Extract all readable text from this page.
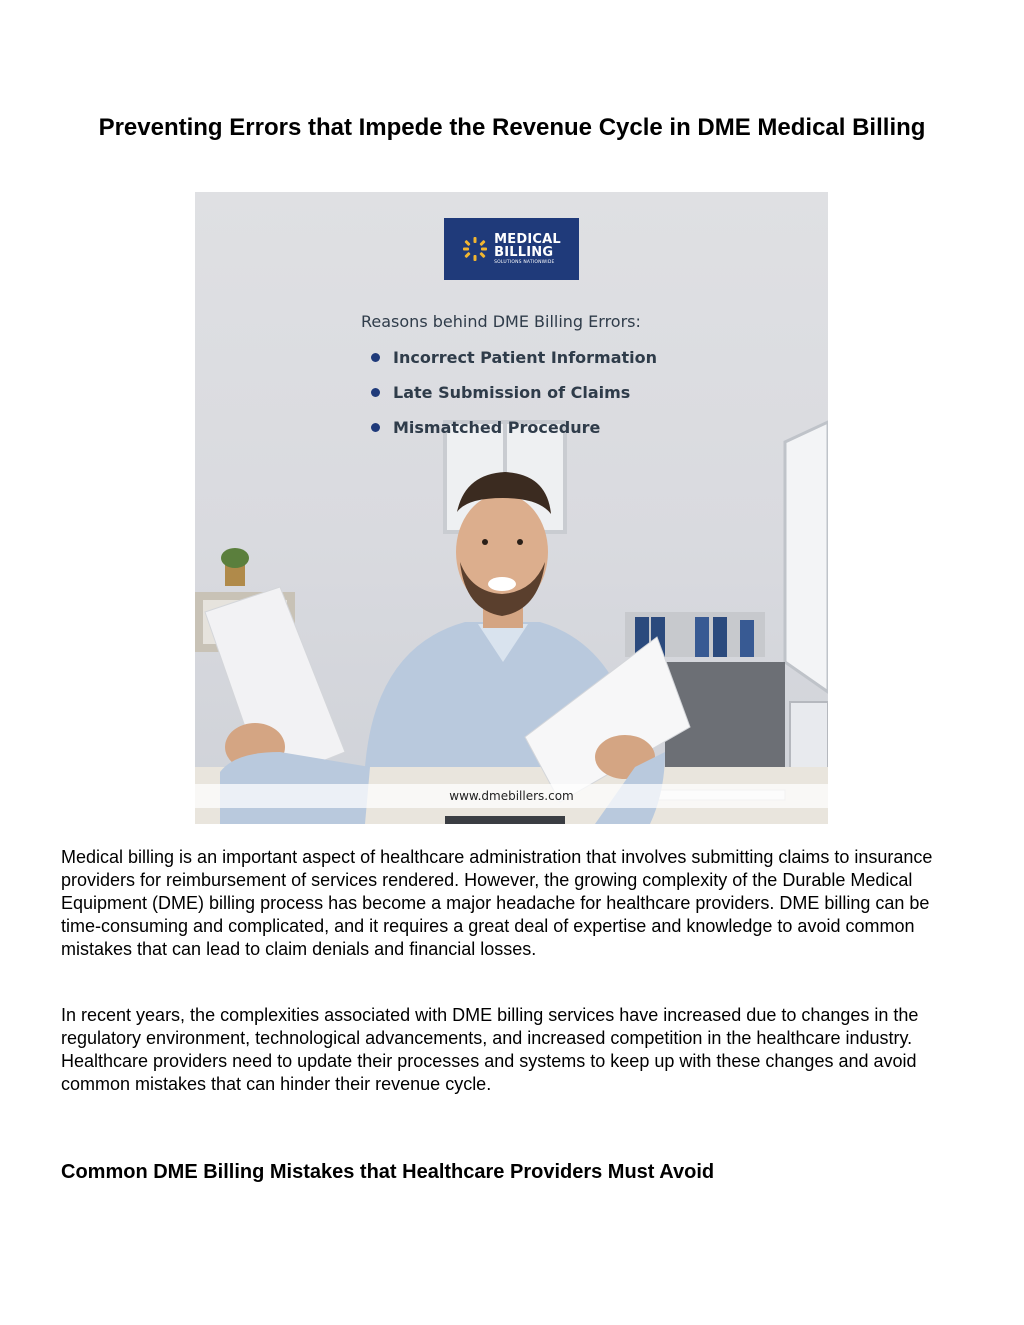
Preventing Errors that Impede the Revenue Cycle in DME Medical Billing
MEDICAL
BILLING
SOLUTIONS NATIONWIDE

Reasons behind DME Billing Errors:

Incorrect Patient Information
Late Submission of Claims
Mismatched Procedure
www.dmebillers.com

Medical billing is an important aspect of healthcare administration that involves submitting claims to insurance providers for reimbursement of services rendered. However, the growing complexity of the Durable Medical Equipment (DME) billing process has become a major headache for healthcare providers. DME billing can be time-consuming and complicated, and it requires a great deal of expertise and knowledge to avoid common mistakes that can lead to claim denials and financial losses.

In recent years, the complexities associated with DME billing services have increased due to changes in the regulatory environment, technological advancements, and increased competition in the healthcare industry. Healthcare providers need to update their processes and systems to keep up with these changes and avoid common mistakes that can hinder their revenue cycle.

Common DME Billing Mistakes that Healthcare Providers Must Avoid
